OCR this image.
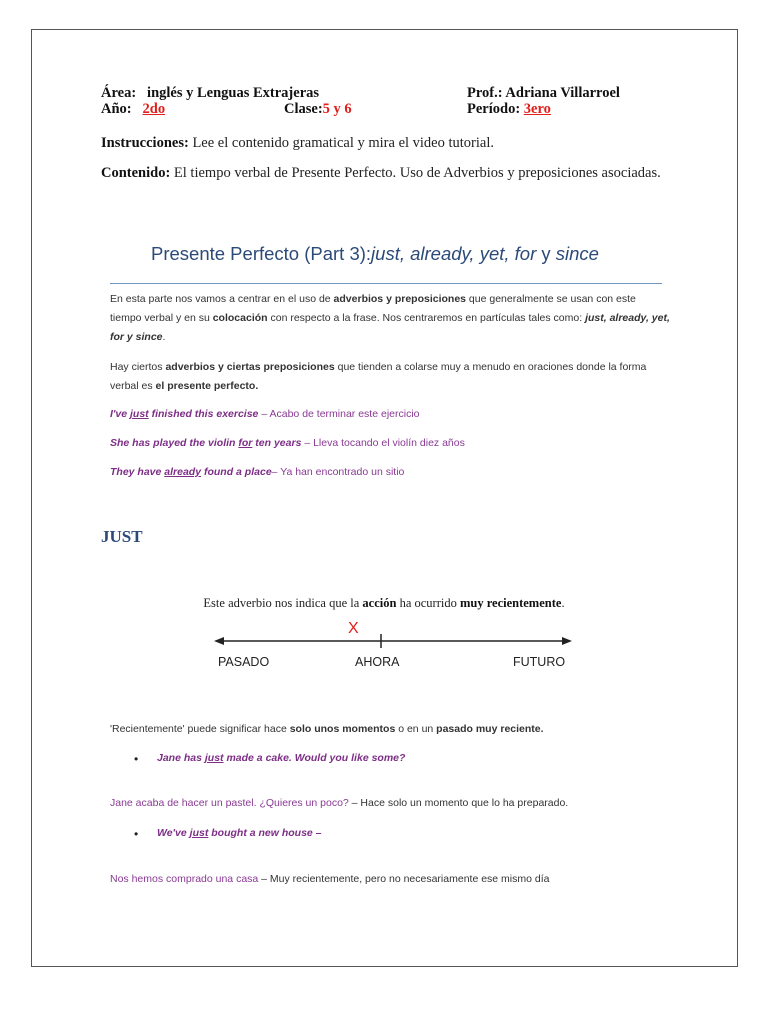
Área: inglés y Lenguas Extrajeras	Prof.: Adriana Villarroel
Año: 2do	Clase:5 y 6	Período: 3ero
Instrucciones: Lee el contenido gramatical y mira el video tutorial.
Contenido: El tiempo verbal de Presente Perfecto. Uso de Adverbios y preposiciones asociadas.
Presente Perfecto (Part 3):just, already, yet, for y since
En esta parte nos vamos a centrar en el uso de adverbios y preposiciones que generalmente se usan con este tiempo verbal y en su colocación con respecto a la frase. Nos centraremos en partículas tales como: just, already, yet, for y since.
Hay ciertos adverbios y ciertas preposiciones que tienden a colarse muy a menudo en oraciones donde la forma verbal es el presente perfecto.
I've just finished this exercise – Acabo de terminar este ejercicio
She has played the violin for ten years – Lleva tocando el violín diez años
They have already found a place– Ya han encontrado un sitio
JUST
Este adverbio nos indica que la acción ha ocurrido muy recientemente.
X
PASADO	AHORA	FUTURO
'Recientemente' puede significar hace solo unos momentos o en un pasado muy reciente.
• Jane has just made a cake. Would you like some?
Jane acaba de hacer un pastel. ¿Quieres un poco? – Hace solo un momento que lo ha preparado.
• We've just bought a new house –
Nos hemos comprado una casa – Muy recientemente, pero no necesariamente ese mismo día
